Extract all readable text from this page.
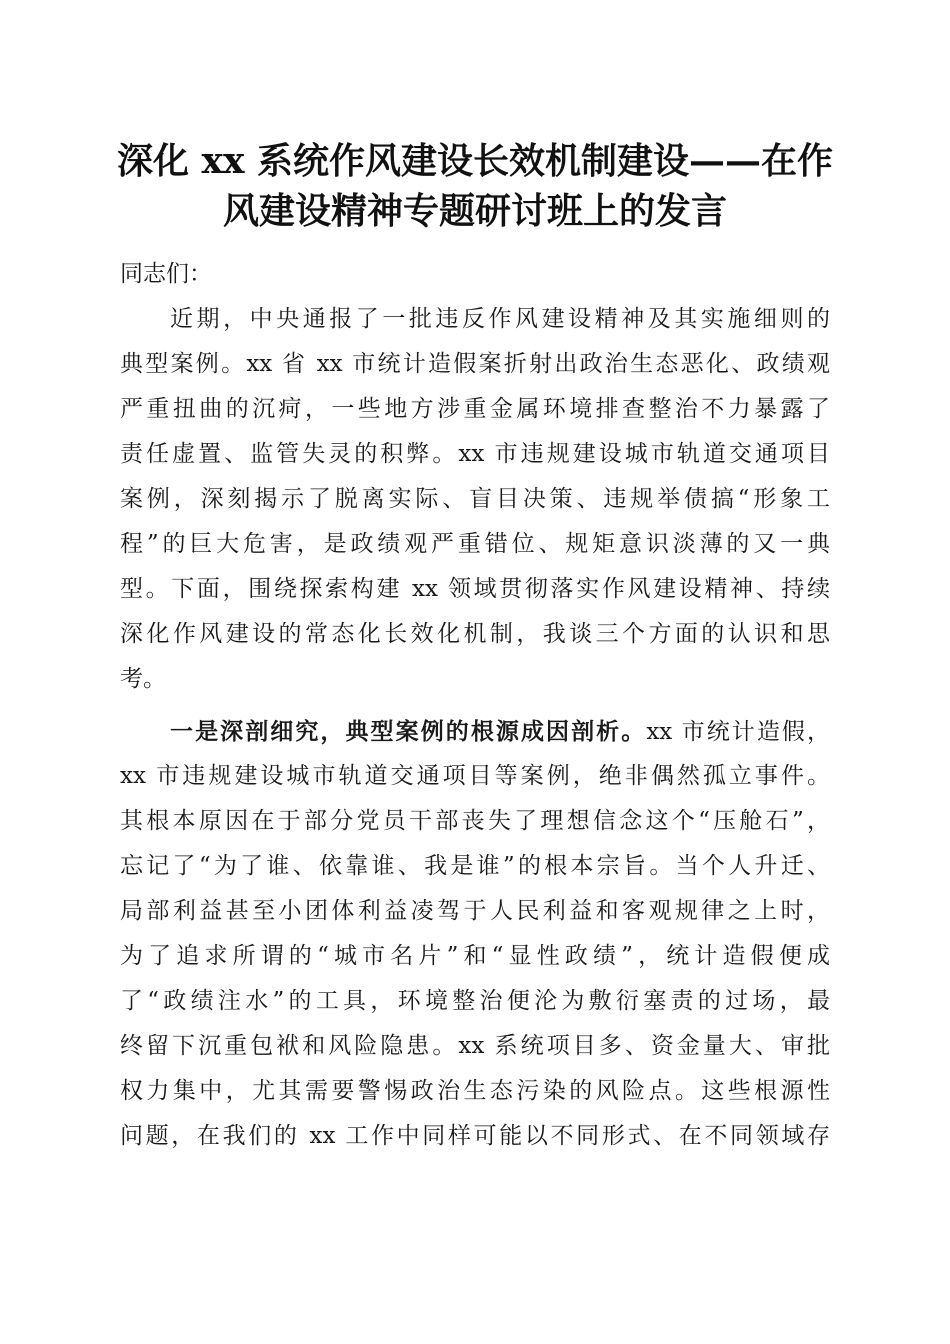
深化 xx 系统作风建设长效机制建设——在作
风建设精神专题研讨班上的发言
同志们：
近期，中央通报了一批违反作风建设精神及其实施细则的
典型案例。xx 省 xx 市统计造假案折射出政治生态恶化、政绩观
严重扭曲的沉疴，一些地方涉重金属环境排查整治不力暴露了
责任虚置、监管失灵的积弊。xx 市违规建设城市轨道交通项目
案例，深刻揭示了脱离实际、盲目决策、违规举债搞“形象工
程”的巨大危害，是政绩观严重错位、规矩意识淡薄的又一典
型。下面，围绕探索构建 xx 领域贯彻落实作风建设精神、持续
深化作风建设的常态化长效化机制，我谈三个方面的认识和思
考。
一是深剖细究，典型案例的根源成因剖析。xx 市统计造假，
xx 市违规建设城市轨道交通项目等案例，绝非偶然孤立事件。
其根本原因在于部分党员干部丧失了理想信念这个“压舱石”，
忘记了“为了谁、依靠谁、我是谁”的根本宗旨。当个人升迁、
局部利益甚至小团体利益凌驾于人民利益和客观规律之上时，
为了追求所谓的“城市名片”和“显性政绩”，统计造假便成
了“政绩注水”的工具，环境整治便沦为敷衍塞责的过场，最
终留下沉重包袱和风险隐患。xx 系统项目多、资金量大、审批
权力集中，尤其需要警惕政治生态污染的风险点。这些根源性
问题，在我们的 xx 工作中同样可能以不同形式、在不同领域存
